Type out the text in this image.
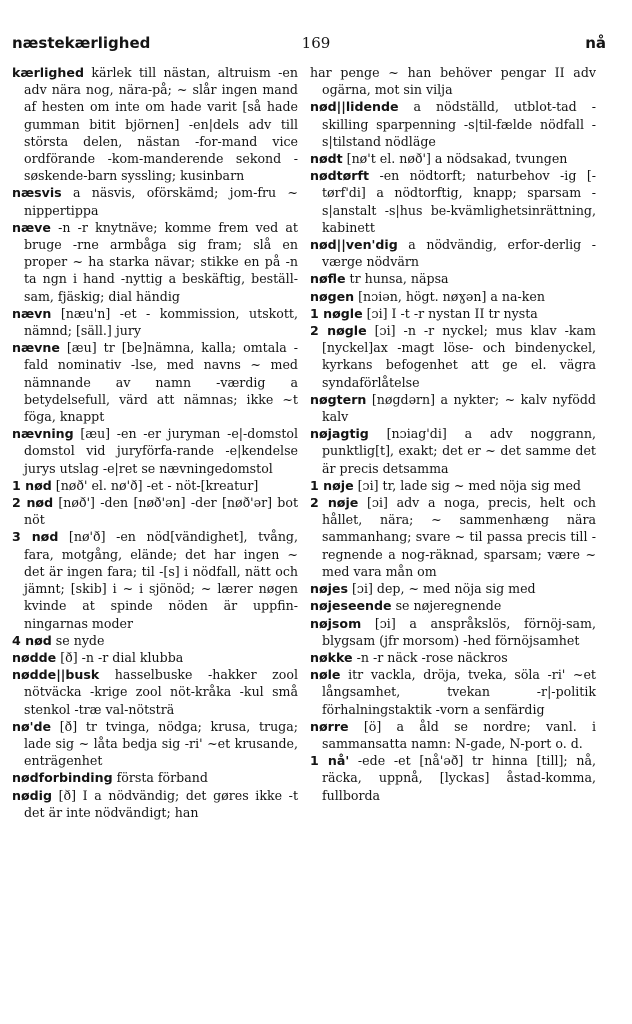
næstekærlighed	169	nå

kærlighed kärlek till nästan, altruism -en adv nära nog, nära-på; ~ slår ingen mand af hesten om inte om hade varit [så hade gumman bitit björnen] -en|dels adv till största delen, nästan -for-mand vice ordförande -kom-manderende sekond -søskende-barn syssling; kusinbarn

næsvis a näsvis, oförskämd; jom-fru ~ nippertippa

næve -n -r knytnäve; komme frem ved at bruge -rne armbåga sig fram; slå en proper ~ ha starka nävar; stikke en på -n ta ngn i hand -nyttig a beskäftig, beställ-sam, fjäskig; dial händig

nævn [næu'n] -et - kommission, utskott, nämnd; [säll.] jury

nævne [æu] tr [be]nämna, kalla; omtala -fald nominativ -lse, med navns ~ med nämnande av namn -værdig a betydelsefull, värd att nämnas; ikke ~t föga, knappt

nævning [æu] -en -er juryman -e|-domstol domstol vid juryförfa-rande -e|kendelse jurys utslag -e|ret se nævningedomstol

1 nød [nøð' el. nø'ð] -et - nöt-[kreatur]

2 nød [nøð'] -den [nøð'ən] -der [nøð'ər] bot nöt

3 nød [nø'ð] -en nöd[vändighet], tvång, fara, motgång, elände; det har ingen ~ det är ingen fara; til -[s] i nödfall, nätt och jämnt; [skib] i ~ i sjönöd; ~ lærer nøgen kvinde at spinde nöden är uppfin-ningarnas moder

4 nød se nyde

nødde [ð] -n -r dial klubba

nødde||busk hasselbuske -hakker zool nötväcka -krige zool nöt-kråka -kul små stenkol -træ val-nötsträ

nø'de [ð] tr tvinga, nödga; krusa, truga; lade sig ~ låta bedja sig -ri' ~et krusande, enträgenhet

nødforbinding första förband

nødig [ð] I a nödvändig; det gøres ikke -t det är inte nödvändigt; han

har penge ~ han behöver pengar II adv ogärna, mot sin vilja

nød||lidende a nödställd, utblot-tad -skilling sparpenning -s|til-fælde nödfall -s|tilstand nödläge

nødt [nø't el. nøð'] a nödsakad, tvungen

nødtørft -en nödtorft; naturbehov -ig [-tørf'di] a nödtorftig, knapp; sparsam -s|anstalt -s|hus be-kvämlighetsinrättning, kabinett

nød||ven'dig a nödvändig, erfor-derlig -værge nödvärn

nøfle tr hunsa, näpsa

nøgen [nɔiən, högt. nøɣən] a na-ken

1 nøgle [ɔi] I -t -r nystan II tr nysta

2 nøgle [ɔi] -n -r nyckel; mus klav -kam [nyckel]ax -magt löse- och bindenyckel, kyrkans befogenhet att ge el. vägra syndaförlåtelse

nøgtern [nøgdərn] a nykter; ~ kalv nyfödd kalv

nøjagtig [nɔiag'di] a adv noggrann, punktlig[t], exakt; det er ~ det samme det är precis detsamma

1 nøje [ɔi] tr, lade sig ~ med nöja sig med

2 nøje [ɔi] adv a noga, precis, helt och hållet, nära; ~ sammenhæng nära sammanhang; svare ~ til passa precis till -regnende a nog-räknad, sparsam; være ~ med vara mån om

nøjes [ɔi] dep, ~ med nöja sig med

nøjeseende se nøjeregnende

nøjsom [ɔi] a anspråkslös, förnöj-sam, blygsam (jfr morsom) -hed förnöjsamhet

nøkke -n -r näck -rose näckros

nøle itr vackla, dröja, tveka, söla -ri' ~et långsamhet, tvekan -r|-politik förhalningstaktik -vorn a senfärdig

nørre [ö] a åld se nordre; vanl. i sammansatta namn: N-gade, N-port o. d.

1 nå' -ede -et [nå'əð] tr hinna [till]; nå, räcka, uppnå, [lyckas] åstad-komma, fullborda
